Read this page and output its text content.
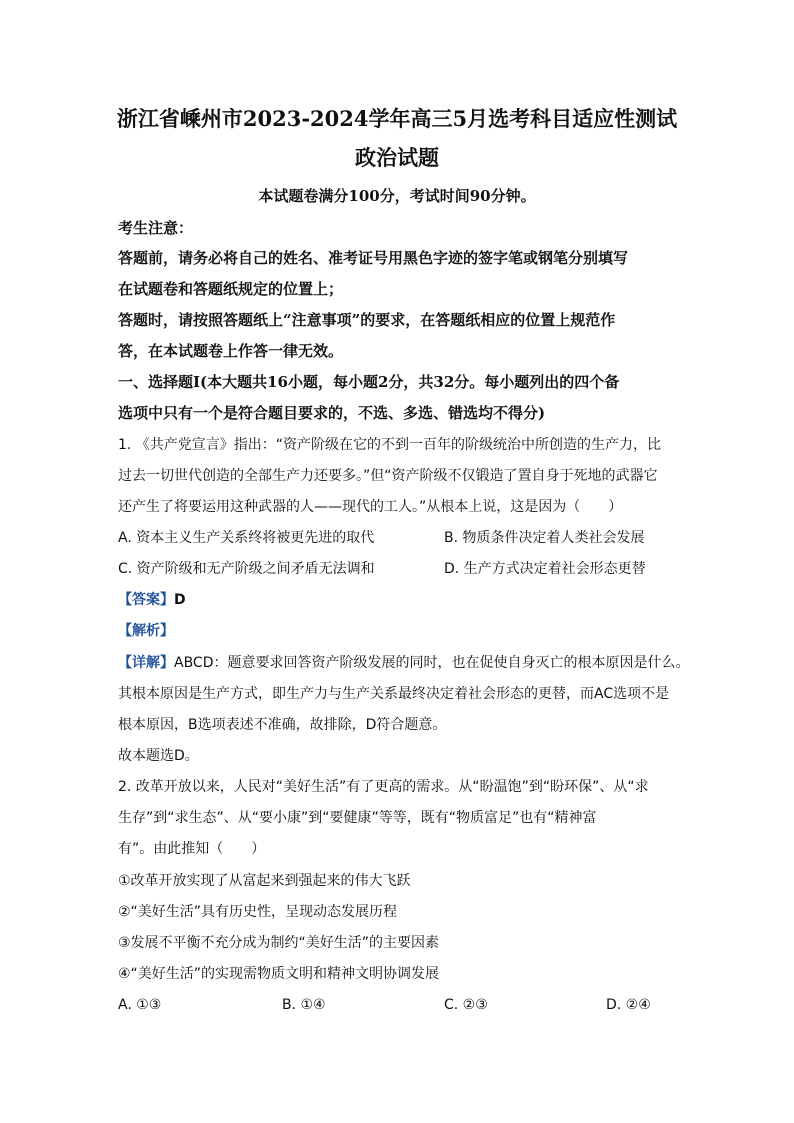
浙江省嵊州市2023-2024学年高三5月选考科目适应性测试
政治试题
本试题卷满分100分，考试时间90分钟。
考生注意：
答题前，请务必将自己的姓名、准考证号用黑色字迹的签字笔或钢笔分别填写
在试题卷和答题纸规定的位置上；
答题时，请按照答题纸上“注意事项”的要求，在答题纸相应的位置上规范作
答，在本试题卷上作答一律无效。
一、选择题Ⅰ(本大题共16小题，每小题2分，共32分。每小题列出的四个备
选项中只有一个是符合题目要求的，不选、多选、错选均不得分)
1. 《共产党宣言》指出：“资产阶级在它的不到一百年的阶级统治中所创造的生产力，比
过去一切世代创造的全部生产力还要多。”但“资产阶级不仅锻造了置自身于死地的武器它
还产生了将要运用这种武器的人——现代的工人。”从根本上说，这是因为（　　）
A. 资本主义生产关系终将被更先进的取代	B. 物质条件决定着人类社会发展
C. 资产阶级和无产阶级之间矛盾无法调和	D. 生产方式决定着社会形态更替
【答案】D
【解析】
【详解】ABCD：题意要求回答资产阶级发展的同时，也在促使自身灭亡的根本原因是什么。
其根本原因是生产方式，即生产力与生产关系最终决定着社会形态的更替，而AC选项不是
根本原因，B选项表述不准确，故排除，D符合题意。
故本题选D。
2. 改革开放以来，人民对“美好生活”有了更高的需求。从“盼温饱”到“盼环保”、从“求
生存”到“求生态”、从“要小康”到“要健康”等等，既有“物质富足”也有“精神富
有”。由此推知（　　）
①改革开放实现了从富起来到强起来的伟大飞跃
②“美好生活”具有历史性，呈现动态发展历程
③发展不平衡不充分成为制约“美好生活”的主要因素
④“美好生活”的实现需物质文明和精神文明协调发展
A. ①③	B. ①④	C. ②③	D. ②④
